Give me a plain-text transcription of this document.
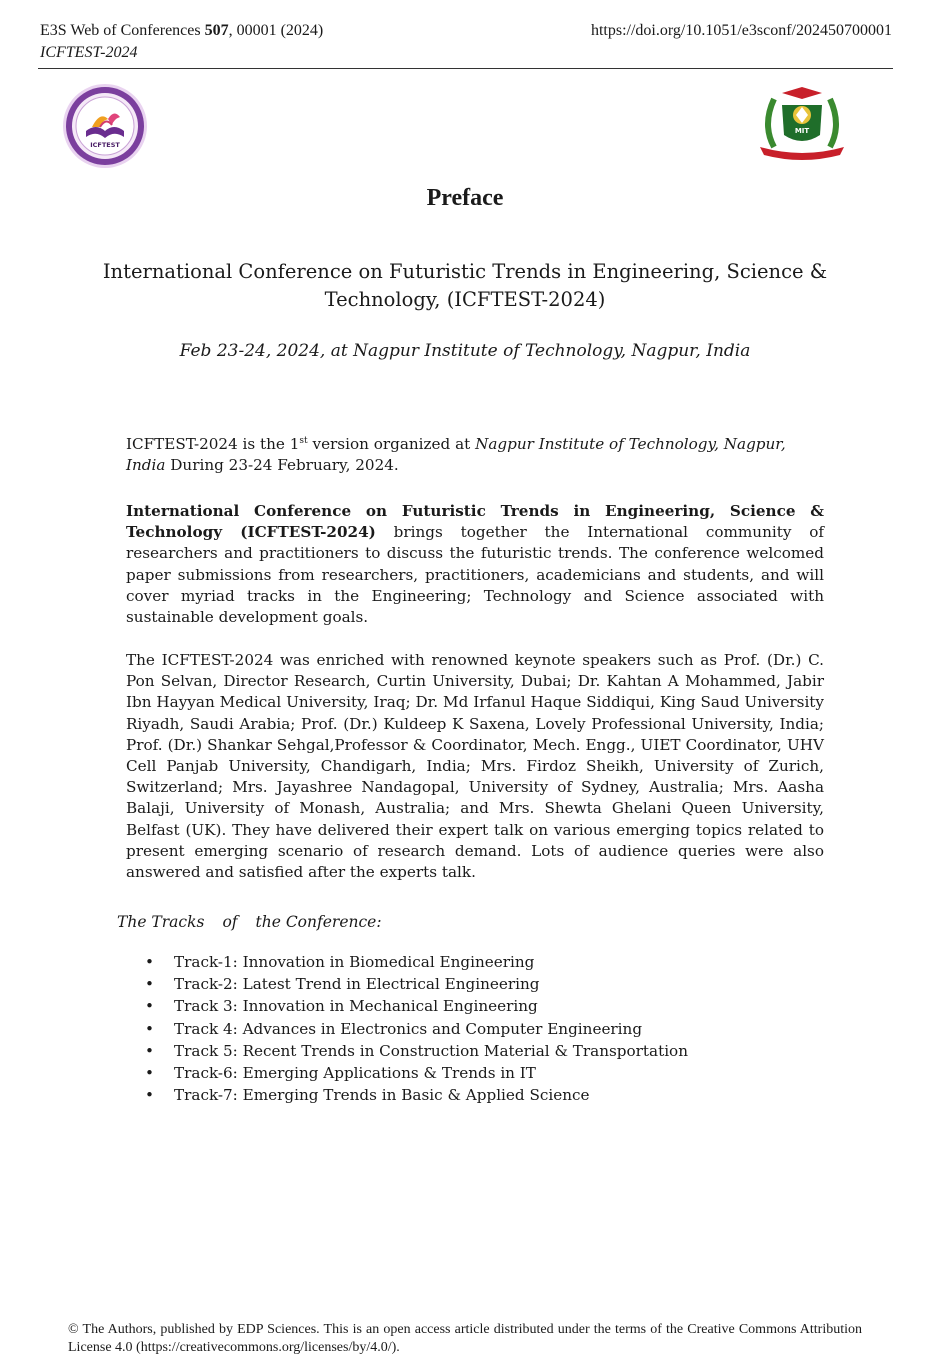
E3S Web of Conferences 507, 00001 (2024)
ICFTEST-2024
https://doi.org/10.1051/e3sconf/202450700001
ICFTEST
MIT
Preface
International Conference on Futuristic Trends in Engineering, Science & Technology, (ICFTEST-2024)
Feb 23-24, 2024, at Nagpur Institute of Technology, Nagpur, India
ICFTEST-2024 is the 1st version organized at Nagpur Institute of Technology, Nagpur, India During 23-24 February, 2024.
International Conference on Futuristic Trends in Engineering, Science & Technology (ICFTEST-2024) brings together the International community of researchers and practitioners to discuss the futuristic trends. The conference welcomed paper submissions from researchers, practitioners, academicians and students, and will cover myriad tracks in the Engineering; Technology and Science associated with sustainable development goals.
The ICFTEST-2024 was enriched with renowned keynote speakers such as Prof. (Dr.) C. Pon Selvan, Director Research, Curtin University, Dubai; Dr. Kahtan A Mohammed, Jabir Ibn Hayyan Medical University, Iraq; Dr. Md Irfanul Haque Siddiqui, King Saud University Riyadh, Saudi Arabia; Prof. (Dr.) Kuldeep K Saxena, Lovely Professional University, India; Prof. (Dr.) Shankar Sehgal,Professor & Coordinator, Mech. Engg., UIET Coordinator, UHV Cell Panjab University, Chandigarh, India; Mrs. Firdoz Sheikh, University of Zurich, Switzerland; Mrs. Jayashree Nandagopal, University of Sydney, Australia; Mrs. Aasha Balaji, University of Monash, Australia; and Mrs. Shewta Ghelani Queen University, Belfast (UK). They have delivered their expert talk on various emerging topics related to present emerging scenario of research demand. Lots of audience queries were also answered and satisfied after the experts talk.
The Tracks of the Conference:
• Track-1: Innovation in Biomedical Engineering
• Track-2: Latest Trend in Electrical Engineering
• Track 3: Innovation in Mechanical Engineering
• Track 4: Advances in Electronics and Computer Engineering
• Track 5: Recent Trends in Construction Material & Transportation
• Track-6: Emerging Applications & Trends in IT
• Track-7: Emerging Trends in Basic & Applied Science
© The Authors, published by EDP Sciences. This is an open access article distributed under the terms of the Creative Commons Attribution License 4.0 (https://creativecommons.org/licenses/by/4.0/).
